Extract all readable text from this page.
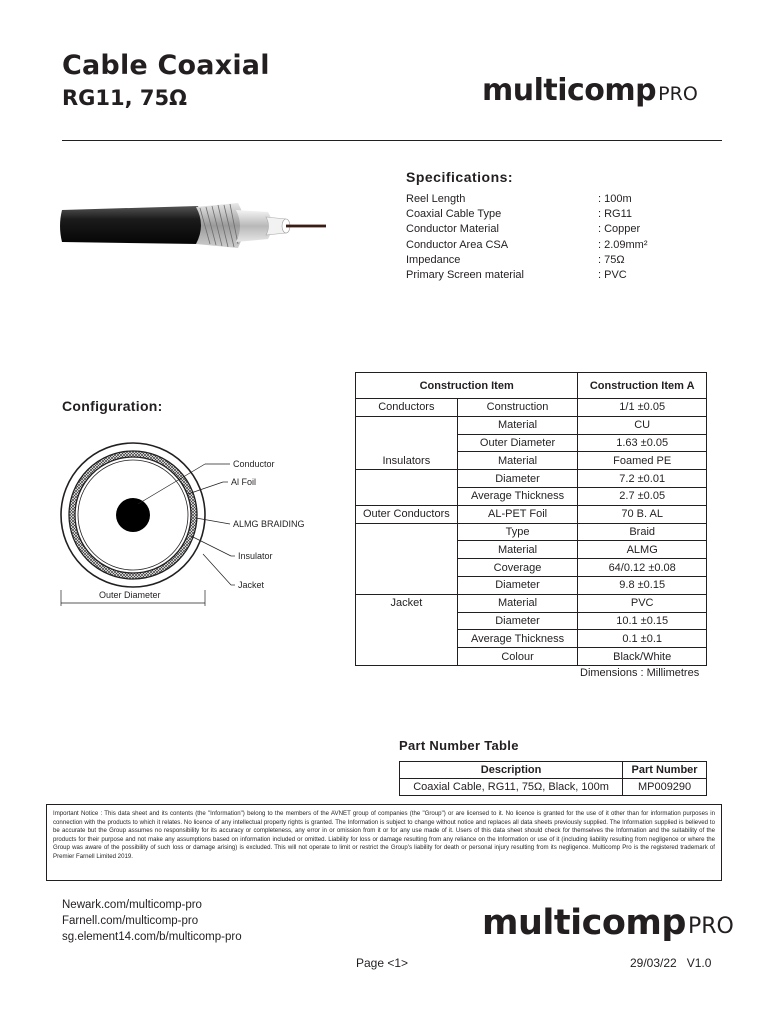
Cable Coaxial
RG11, 75Ω	multicomp PRO
Specifications:
Reel Length	: 100m
Coaxial Cable Type	: RG11
Conductor Material	: Copper
Conductor Area CSA	: 2.09mm²
Impedance	: 75Ω
Primary Screen material	: PVC
Configuration:
Conductor
Al Foil
ALMG BRAIDING
Insulator
Jacket
Outer Diameter
Construction Item		Construction Item A
Conductors	Construction	1/1 ±0.05
	Material	CU
	Outer Diameter	1.63 ±0.05
Insulators	Material	Foamed PE
	Diameter	7.2 ±0.01
	Average Thickness	2.7 ±0.05
Outer Conductors	AL-PET Foil	70 B. AL
	Type	Braid
	Material	ALMG
	Coverage	64/0.12 ±0.08
	Diameter	9.8 ±0.15
Jacket	Material	PVC
	Diameter	10.1 ±0.15
	Average Thickness	0.1 ±0.1
	Colour	Black/White
Dimensions : Millimetres
Part Number Table
Description	Part Number
Coaxial Cable, RG11, 75Ω, Black, 100m	MP009290
Important Notice : This data sheet and its contents (the "Information") belong to the members of the AVNET group of companies (the "Group") or are licensed to it. No licence is granted for the use of it other than for information purposes in connection with the products to which it relates. No licence of any intellectual property rights is granted. The Information is subject to change without notice and replaces all data sheets previously supplied. The Information supplied is believed to be accurate but the Group assumes no responsibility for its accuracy or completeness, any error in or omission from it or for any use made of it. Users of this data sheet should check for themselves the Information and the suitability of the products for their purpose and not make any assumptions based on information included or omitted. Liability for loss or damage resulting from any reliance on the Information or use of it (including liability resulting from negligence or where the Group was aware of the possibility of such loss or damage arising) is excluded. This will not operate to limit or restrict the Group's liability for death or personal injury resulting from its negligence. Multicomp Pro is the registered trademark of Premier Farnell Limited 2019.
Newark.com/multicomp-pro
Farnell.com/multicomp-pro
sg.element14.com/b/multicomp-pro	multicomp PRO
Page <1>	29/03/22 V1.0
